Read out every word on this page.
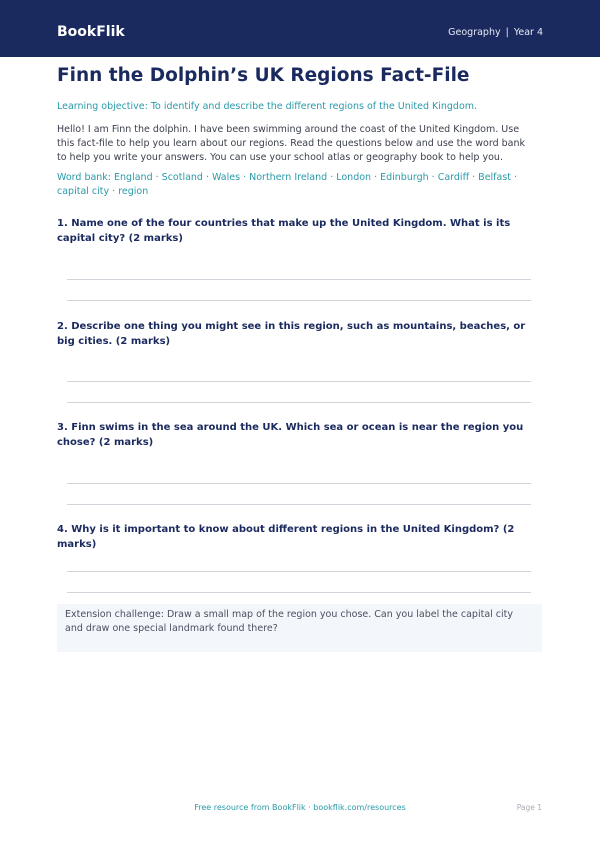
BookFlik	Geography | Year 4
Finn the Dolphin’s UK Regions Fact-File

Learning objective: To identify and describe the different regions of the United Kingdom.

Hello! I am Finn the dolphin. I have been swimming around the coast of the United Kingdom. Use this fact-file to help you learn about our regions. Read the questions below and use the word bank to help you write your answers. You can use your school atlas or geography book to help you.

Word bank: England · Scotland · Wales · Northern Ireland · London · Edinburgh · Cardiff · Belfast · capital city · region

1. Name one of the four countries that make up the United Kingdom. What is its capital city? (2 marks)

2. Describe one thing you might see in this region, such as mountains, beaches, or big cities. (2 marks)

3. Finn swims in the sea around the UK. Which sea or ocean is near the region you chose? (2 marks)

4. Why is it important to know about different regions in the United Kingdom? (2 marks)

Extension challenge: Draw a small map of the region you chose. Can you label the capital city and draw one special landmark found there?

Free resource from BookFlik · bookflik.com/resources	Page 1
